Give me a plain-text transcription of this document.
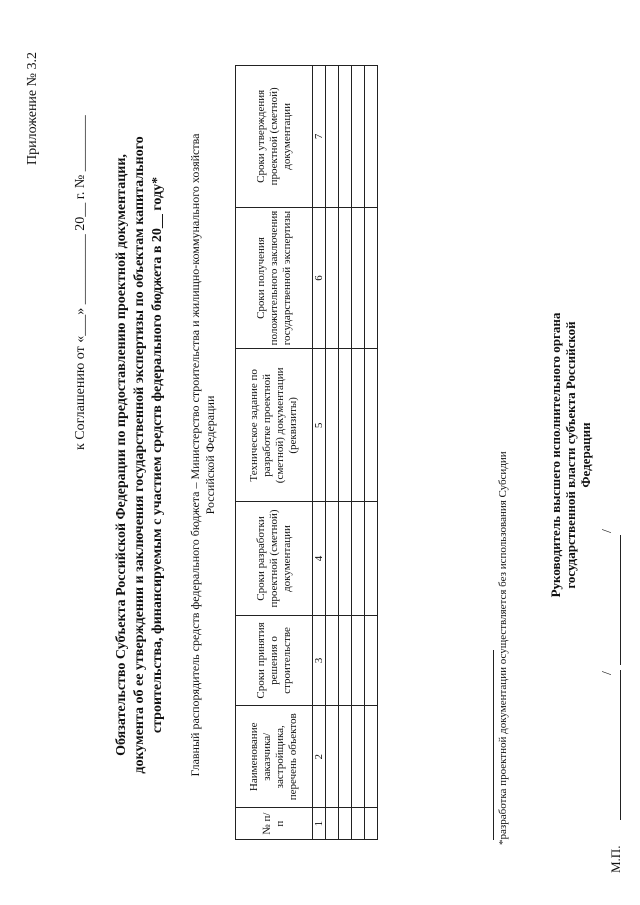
Приложение № 3.2
к Соглашению от «___» __________ 20__ г. № ________ Обязательство Субъекта Российской Федерации по предоставлению проектной документации, документа об ее утверждении и заключения государственной экспертизы по объектам капитального строительства, финансируемым с участием средств федерального бюджета в 20__ году* Главный распорядитель средств федерального бюджета – Министерство строительства и жилищно-коммунального хозяйства Российской Федерации
№ п/п	Наименование заказчика/ застройщика, перечень объектов	Сроки принятия решения о строительстве	Сроки разработки проектной (сметной) документации	Техническое задание по разработке проектной (сметной) документации (реквизиты)	Сроки получения положительного заключения государственной экспертизы	Сроки утверждения проектной (сметной) документации
1	2	3	4	5	6	7

*разработка проектной документации осуществляется без использования Субсидии	Руководитель высшего исполнительного органа государственной власти субъекта Российской Федерации
/
/
М.П.
